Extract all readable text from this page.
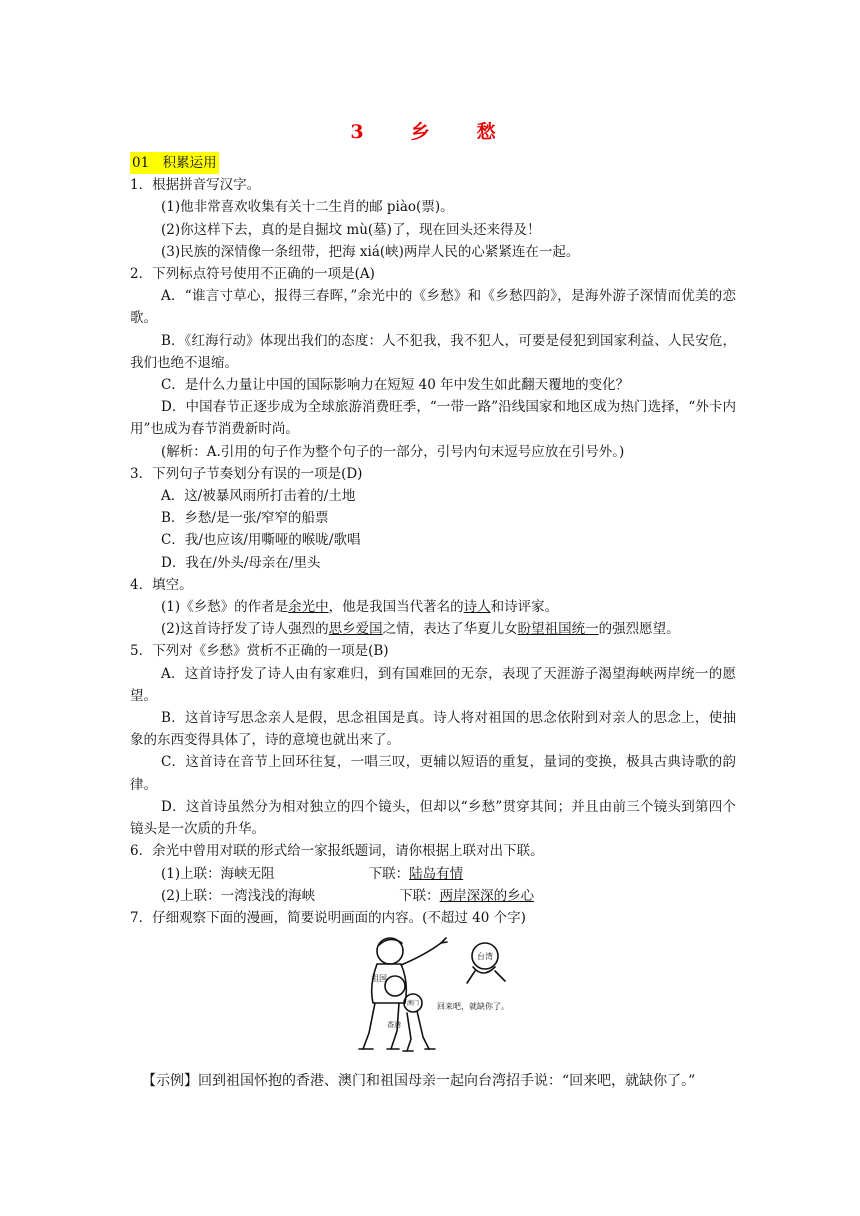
3　乡　愁
01　积累运用
1．根据拼音写汉字。
(1)他非常喜欢收集有关十二生肖的邮 piào(票)。
(2)你这样下去，真的是自掘坟 mù(墓)了，现在回头还来得及！
(3)民族的深情像一条纽带，把海 xiá(峡)两岸人民的心紧紧连在一起。
2．下列标点符号使用不正确的一项是(A)
A．“谁言寸草心，报得三春晖，”余光中的《乡愁》和《乡愁四韵》，是海外游子深情而优美的恋歌。
B．《红海行动》体现出我们的态度：人不犯我，我不犯人，可要是侵犯到国家利益、人民安危，我们也绝不退缩。
C．是什么力量让中国的国际影响力在短短 40 年中发生如此翻天覆地的变化？
D．中国春节正逐步成为全球旅游消费旺季，“一带一路”沿线国家和地区成为热门选择，“外卡内用”也成为春节消费新时尚。
(解析：A.引用的句子作为整个句子的一部分，引号内句末逗号应放在引号外。)
3．下列句子节奏划分有误的一项是(D)
A．这/被暴风雨所打击着的/土地
B．乡愁/是一张/窄窄的船票
C．我/也应该/用嘶哑的喉咙/歌唱
D．我在/外头/母亲在/里头
4．填空。
(1)《乡愁》的作者是余光中，他是我国当代著名的诗人和诗评家。
(2)这首诗抒发了诗人强烈的思乡爱国之情，表达了华夏儿女盼望祖国统一的强烈愿望。
5．下列对《乡愁》赏析不正确的一项是(B)
A．这首诗抒发了诗人由有家难归，到有国难回的无奈，表现了天涯游子渴望海峡两岸统一的愿望。
B．这首诗写思念亲人是假，思念祖国是真。诗人将对祖国的思念依附到对亲人的思念上，使抽象的东西变得具体了，诗的意境也就出来了。
C．这首诗在音节上回环往复，一唱三叹，更辅以短语的重复，量词的变换，极具古典诗歌的韵律。
D．这首诗虽然分为相对独立的四个镜头，但却以“乡愁”贯穿其间；并且由前三个镜头到第四个镜头是一次质的升华。
6．余光中曾用对联的形式给一家报纸题词，请你根据上联对出下联。
(1)上联：海峡无阻	下联：陆岛有情
(2)上联：一湾浅浅的海峡	下联：两岸深深的乡心
7．仔细观察下面的漫画，简要说明画面的内容。(不超过 40 个字)
祖国
香港
澳门
台湾
回来吧，就缺你了。
【示例】回到祖国怀抱的香港、澳门和祖国母亲一起向台湾招手说：“回来吧，就缺你了。”
